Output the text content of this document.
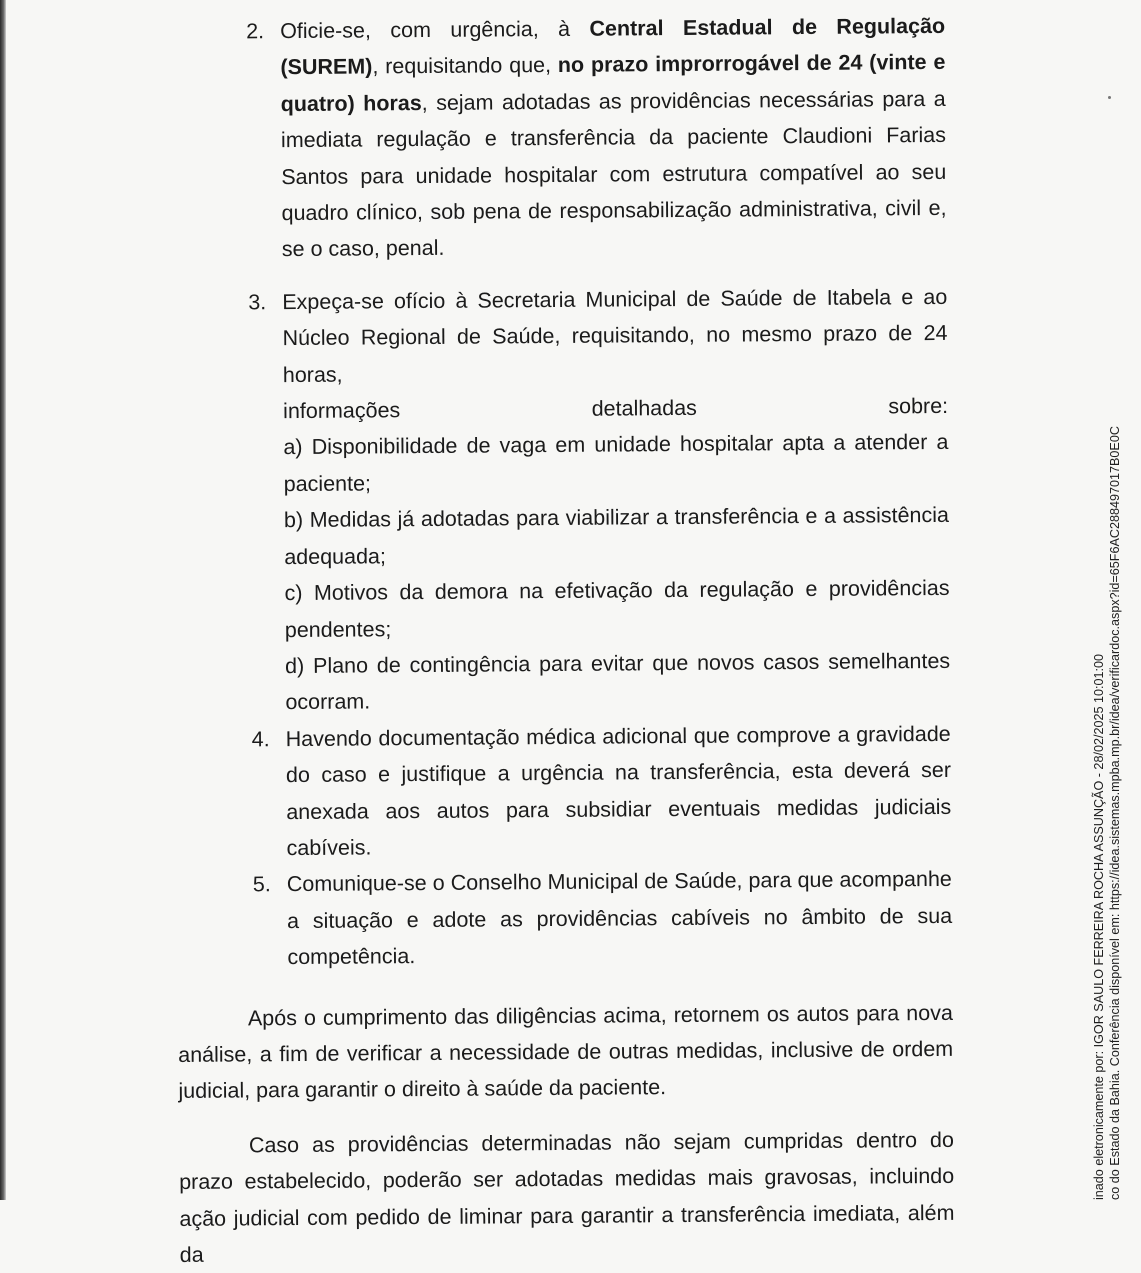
2. Oficie-se, com urgência, à Central Estadual de Regulação (SUREM), requisitando que, no prazo improrrogável de 24 (vinte e quatro) horas, sejam adotadas as providências necessárias para a imediata regulação e transferência da paciente Claudioni Farias Santos para unidade hospitalar com estrutura compatível ao seu quadro clínico, sob pena de responsabilização administrativa, civil e, se o caso, penal.
3. Expeça-se ofício à Secretaria Municipal de Saúde de Itabela e ao Núcleo Regional de Saúde, requisitando, no mesmo prazo de 24 horas,
informações	detalhadas	sobre:

a) Disponibilidade de vaga em unidade hospitalar apta a atender a paciente;

b) Medidas já adotadas para viabilizar a transferência e a assistência adequada;

c) Motivos da demora na efetivação da regulação e providências pendentes;

d) Plano de contingência para evitar que novos casos semelhantes ocorram.

4. Havendo documentação médica adicional que comprove a gravidade do caso e justifique a urgência na transferência, esta deverá ser anexada aos autos para subsidiar eventuais medidas judiciais cabíveis.
5. Comunique-se o Conselho Municipal de Saúde, para que acompanhe a situação e adote as providências cabíveis no âmbito de sua competência.

Após o cumprimento das diligências acima, retornem os autos para nova análise, a fim de verificar a necessidade de outras medidas, inclusive de ordem judicial, para garantir o direito à saúde da paciente.

Caso as providências determinadas não sejam cumpridas dentro do prazo estabelecido, poderão ser adotadas medidas mais gravosas, incluindo ação judicial com pedido de liminar para garantir a transferência imediata, além da

inado eletronicamente por: IGOR SAULO FERREIRA ROCHA ASSUNÇÃO - 28/02/2025 10:01:00 co do Estado da Bahia. Conferência disponível em: https://idea.sistemas.mpba.mp.br/idea/verificardoc.aspx?id=65F6AC288497017B0E0C
